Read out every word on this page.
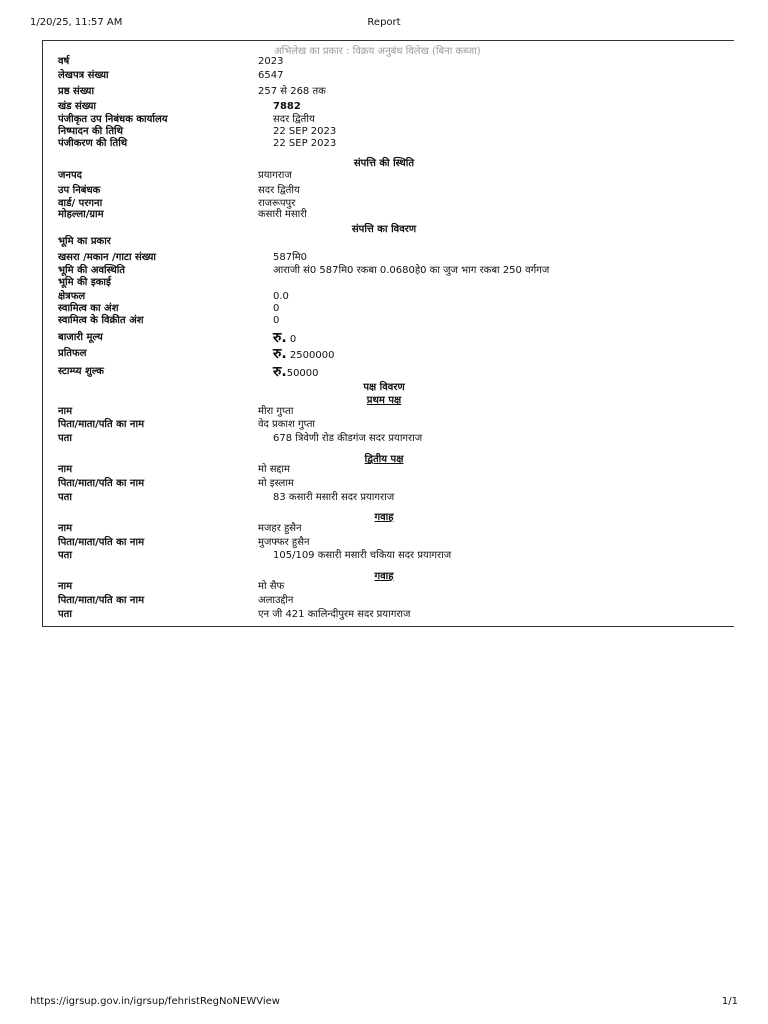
1/20/25, 11:57 AM	Report
अभिलेख का प्रकार : विक्रय अनुबंध विलेख (बिना कब्जा)
वर्ष	2023
लेखपत्र संख्या	6547
प्रष्ठ संख्या	257 से 268 तक
खंड संख्या	7882
पंजीकृत उप निबंधक कार्यालय	सदर द्वितीय
निष्पादन की तिथि	22 SEP 2023
पंजीकरण की तिथि	22 SEP 2023
संपत्ति की स्थिति
जनपद	प्रयागराज
उप निबंधक	सदर द्वितीय
वार्ड/ परगना	राजरूपपुर
मोहल्ला/ग्राम	कसारी मसारी
संपत्ति का विवरण
भूमि का प्रकार
खसरा /मकान /गाटा संख्या	587मि0
भूमि की अवस्थिति	आराजी सं0 587मि0 रकबा 0.0680हे0 का जुज भाग रकबा 250 वर्गगज
भूमि की इकाई
क्षेत्रफल	0.0
स्वामित्व का अंश	0
स्वामित्व के विक्रीत अंश	0
बाजारी मूल्य	रु. 0
प्रतिफल	रु. 2500000
स्टाम्प्य शुल्क	रु.50000
पक्ष विवरण
प्रथम पक्ष
नाम	मीरा गुप्ता
पिता/माता/पति का नाम	वेद प्रकाश गुप्ता
पता	678 त्रिवेणी रोड कीडगंज सदर प्रयागराज
द्वितीय पक्ष
नाम	मो सद्दाम
पिता/माता/पति का नाम	मो इस्लाम
पता	83 कसारी मसारी सदर प्रयागराज
गवाह
नाम	मजहर हुसैन
पिता/माता/पति का नाम	मुजफ्फर हुसैन
पता	105/109 कसारी मसारी चकिया सदर प्रयागराज
गवाह
नाम	मो सैफ
पिता/माता/पति का नाम	अलाउद्दीन
पता	एन जी 421 कालिन्दीपुरम सदर प्रयागराज
https://igrsup.gov.in/igrsup/fehristRegNoNEWView	1/1
